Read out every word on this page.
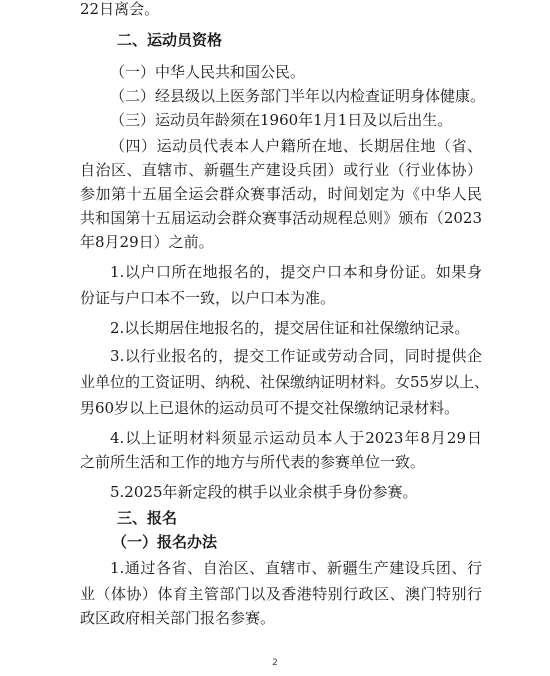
22日离会。
二、运动员资格
（一）中华人民共和国公民。
（二）经县级以上医务部门半年以内检查证明身体健康。
（三）运动员年龄须在1960年1月1日及以后出生。
（四）运动员代表本人户籍所在地、长期居住地（省、
自治区、直辖市、新疆生产建设兵团）或行业（行业体协）
参加第十五届全运会群众赛事活动，时间划定为《中华人民
共和国第十五届运动会群众赛事活动规程总则》颁布（2023
年8月29日）之前。
1.以户口所在地报名的，提交户口本和身份证。如果身
份证与户口本不一致，以户口本为准。
2.以长期居住地报名的，提交居住证和社保缴纳记录。
3.以行业报名的，提交工作证或劳动合同，同时提供企
业单位的工资证明、纳税、社保缴纳证明材料。女55岁以上、
男60岁以上已退休的运动员可不提交社保缴纳记录材料。
4.以上证明材料须显示运动员本人于2023年8月29日
之前所生活和工作的地方与所代表的参赛单位一致。
5.2025年新定段的棋手以业余棋手身份参赛。
三、报名
（一）报名办法
1.通过各省、自治区、直辖市、新疆生产建设兵团、行
业（体协）体育主管部门以及香港特别行政区、澳门特别行
政区政府相关部门报名参赛。
2
